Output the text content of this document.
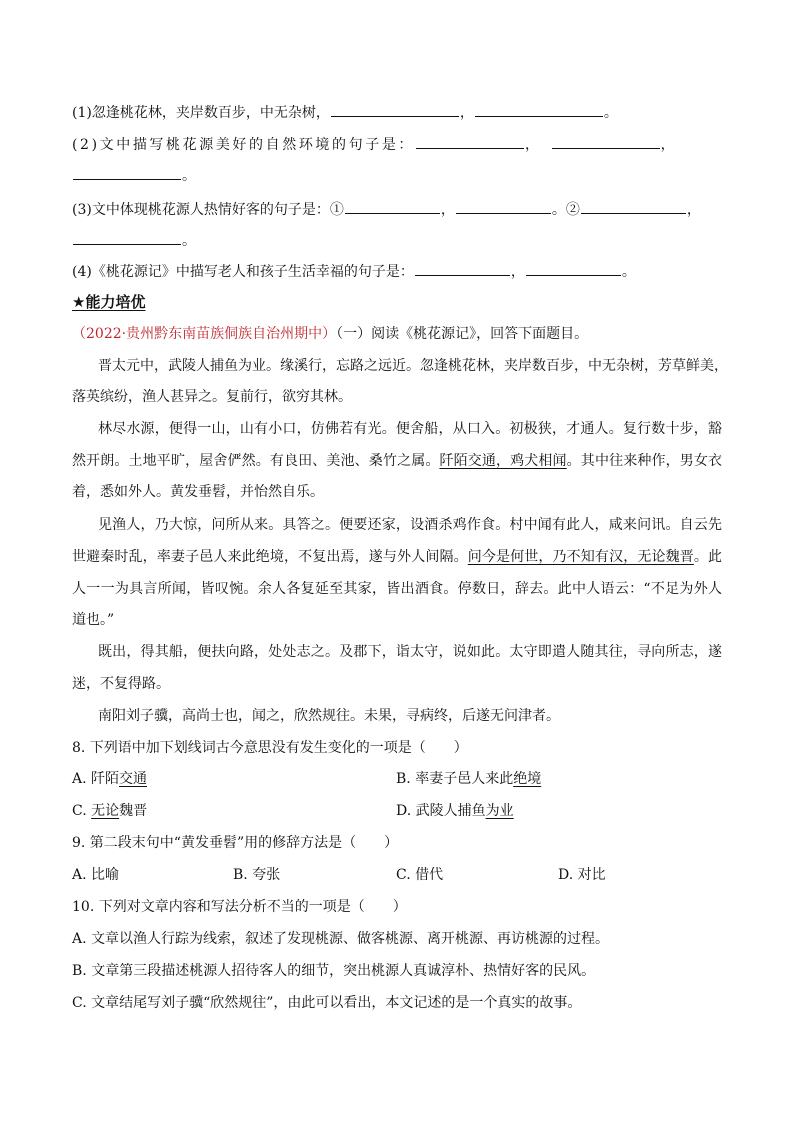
(1)忽逢桃花林，夹岸数百步，中无杂树，	，	。
(2)文中描写桃花源美好的自然环境的句子是：	，	，
。
(3)文中体现桃花源人热情好客的句子是：①	，	。②	，
。
(4)《桃花源记》中描写老人和孩子生活幸福的句子是：	，	。
★能力培优
（2022·贵州黔东南苗族侗族自治州期中）（一）阅读《桃花源记》，回答下面题目。
晋太元中，武陵人捕鱼为业。缘溪行，忘路之远近。忽逢桃花林，夹岸数百步，中无杂树，芳草鲜美，
落英缤纷，渔人甚异之。复前行，欲穷其林。
林尽水源，便得一山，山有小口，仿佛若有光。便舍船，从口入。初极狭，才通人。复行数十步，豁
然开朗。土地平旷，屋舍俨然。有良田、美池、桑竹之属。阡陌交通，鸡犬相闻。其中往来种作，男女衣
着，悉如外人。黄发垂髫，并怡然自乐。
见渔人，乃大惊，问所从来。具答之。便要还家，设酒杀鸡作食。村中闻有此人，咸来问讯。自云先
世避秦时乱，率妻子邑人来此绝境，不复出焉，遂与外人间隔。问今是何世，乃不知有汉，无论魏晋。此
人一一为具言所闻，皆叹惋。余人各复延至其家，皆出酒食。停数日，辞去。此中人语云：“不足为外人
道也。”
既出，得其船，便扶向路，处处志之。及郡下，诣太守，说如此。太守即遣人随其往，寻向所志，遂
迷，不复得路。
南阳刘子骥，高尚士也，闻之，欣然规往。未果，寻病终，后遂无问津者。
8. 下列语中加下划线词古今意思没有发生变化的一项是（　　）
A. 阡陌交通	B. 率妻子邑人来此绝境
C. 无论魏晋	D. 武陵人捕鱼为业
9. 第二段末句中“黄发垂髫”用的修辞方法是（　　）
A. 比喻	B. 夸张	C. 借代	D. 对比
10. 下列对文章内容和写法分析不当的一项是（　　）
A. 文章以渔人行踪为线索，叙述了发现桃源、做客桃源、离开桃源、再访桃源的过程。
B. 文章第三段描述桃源人招待客人的细节，突出桃源人真诚淳朴、热情好客的民风。
C. 文章结尾写刘子骥“欣然规往”，由此可以看出，本文记述的是一个真实的故事。
